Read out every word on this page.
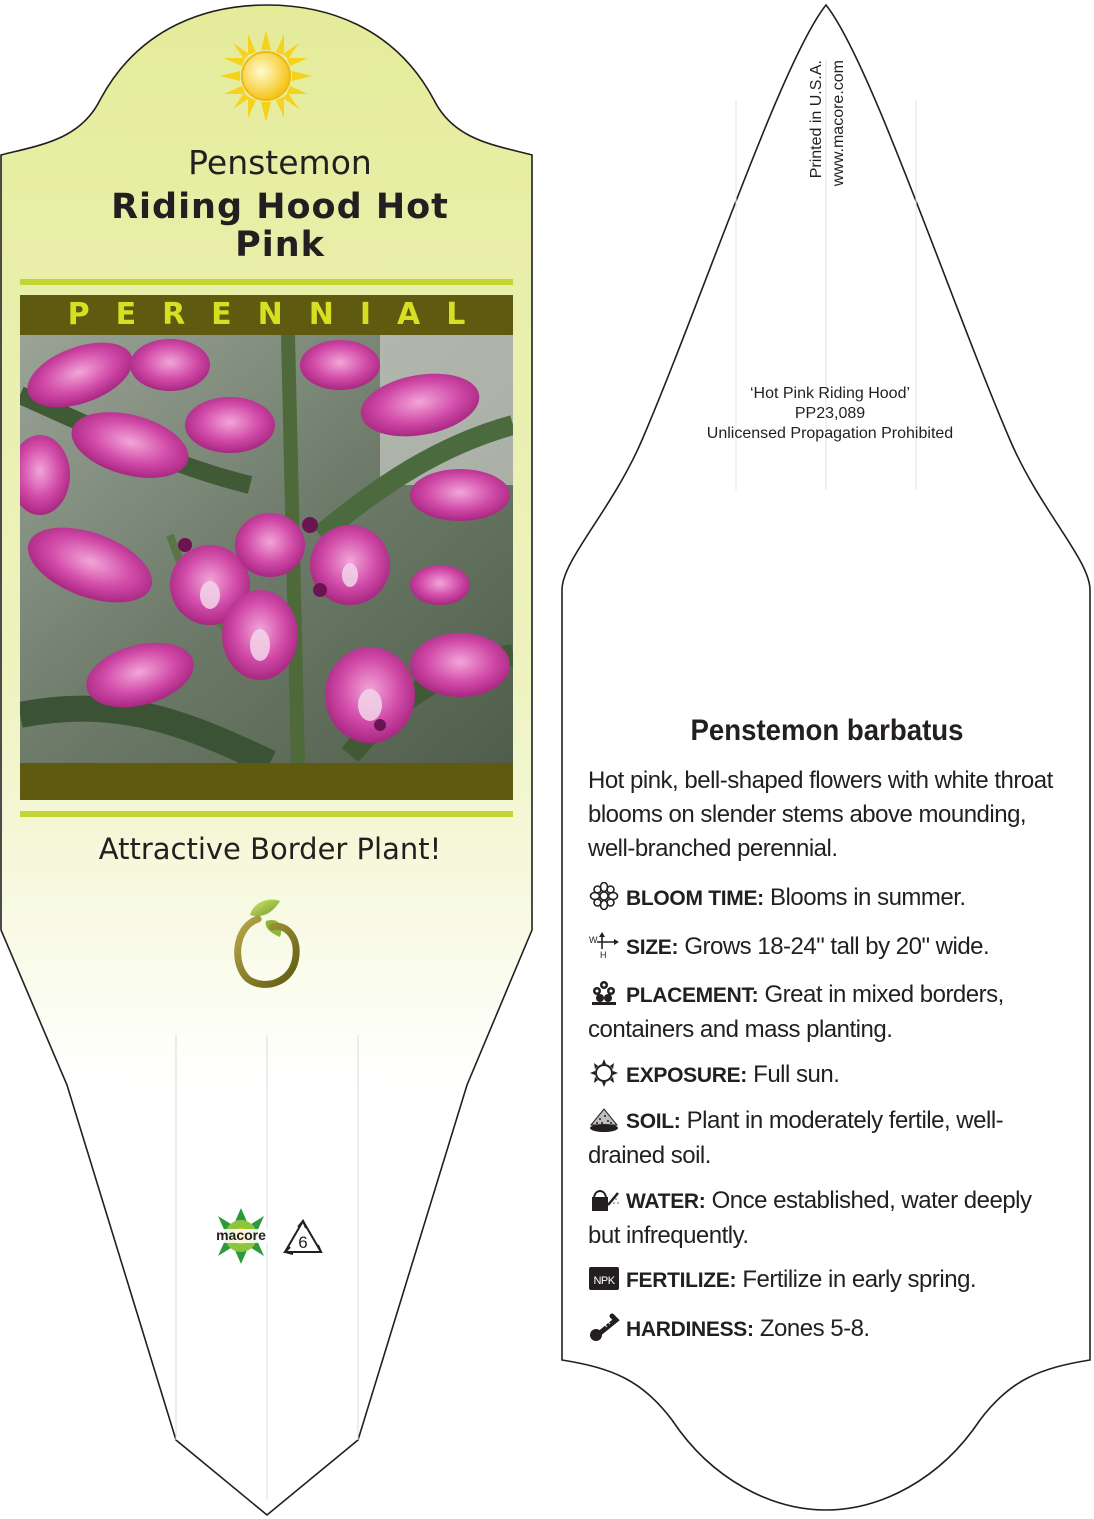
Penstemon
Riding Hood Hot
Pink
PERENNIAL
Attractive Border Plant!
macore 6
Printed in U.S.A. www.macore.com
‘Hot Pink Riding Hood’
PP23,089
Unlicensed Propagation Prohibited
Penstemon barbatus
Hot pink, bell-shaped flowers with white throat blooms on slender stems above mounding, well-branched perennial.
BLOOM TIME: Blooms in summer.
W
H SIZE: Grows 18-24" tall by 20" wide.
PLACEMENT: Great in mixed borders, containers and mass planting.
EXPOSURE: Full sun.
SOIL: Plant in moderately fertile, well-drained soil.
WATER: Once established, water deeply but infrequently.
NPK FERTILIZE: Fertilize in early spring.
HARDINESS: Zones 5-8.
